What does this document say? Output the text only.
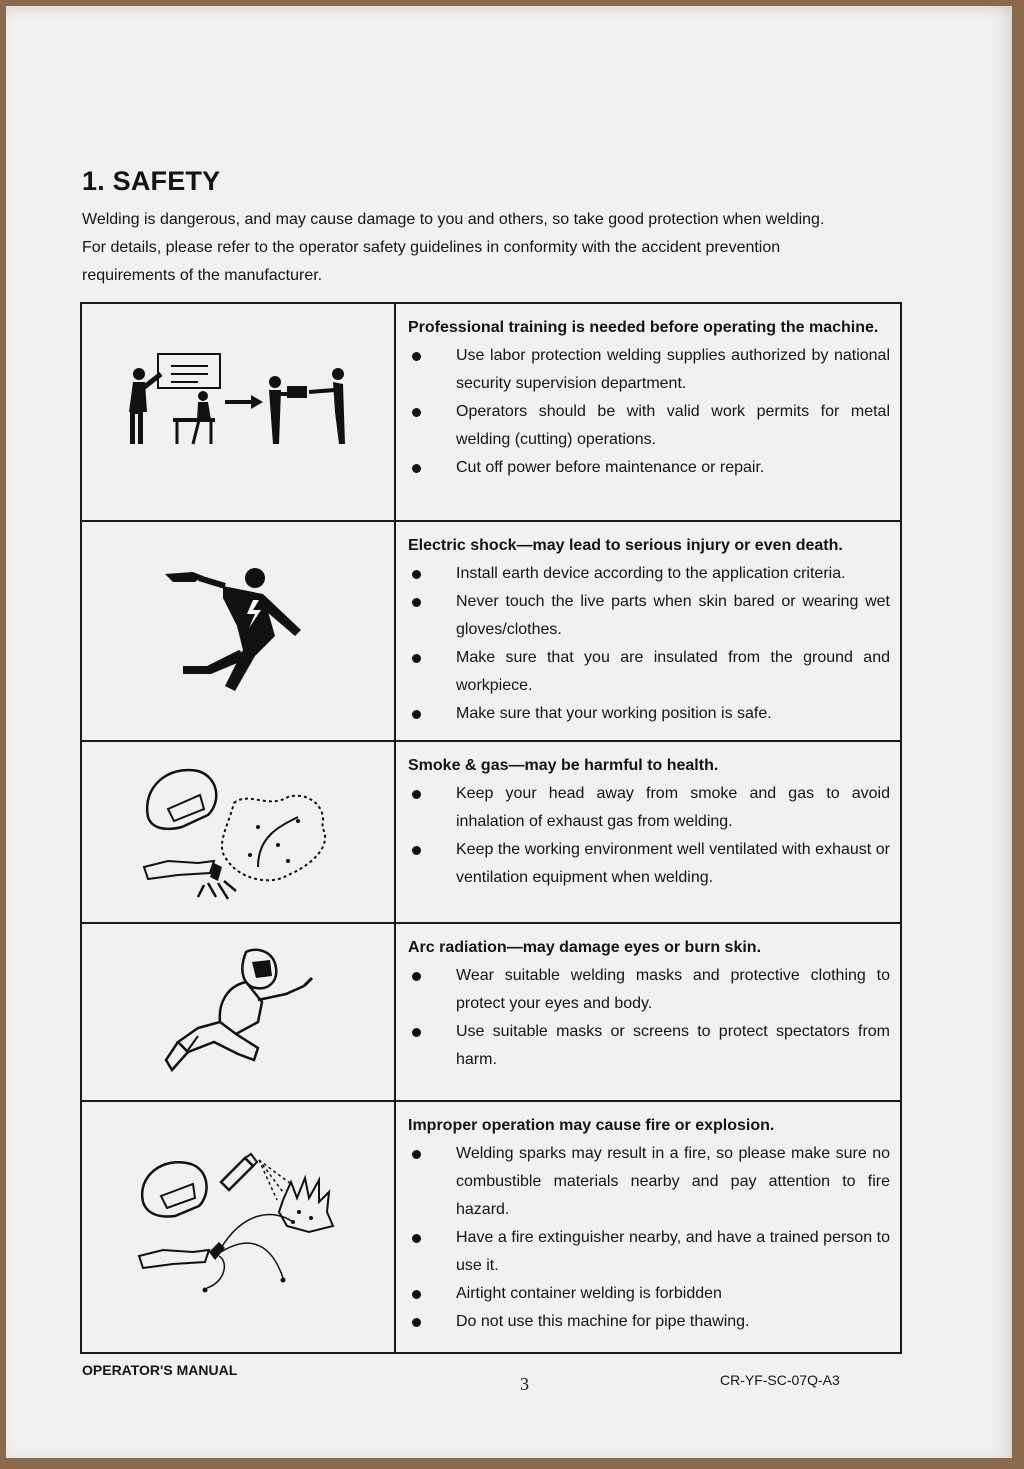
1. SAFETY

Welding is dangerous, and may cause damage to you and others, so take good protection when welding.
For details, please refer to the operator safety guidelines in conformity with the accident prevention
requirements of the manufacturer.

Professional training is needed before operating the machine.

Use labor protection welding supplies authorized by national security supervision department.
Operators should be with valid work permits for metal welding (cutting) operations.
Cut off power before maintenance or repair.

Electric shock—may lead to serious injury or even death.

Install earth device according to the application criteria.
Never touch the live parts when skin bared or wearing wet gloves/clothes.
Make sure that you are insulated from the ground and workpiece.
Make sure that your working position is safe.

Smoke & gas—may be harmful to health.

Keep your head away from smoke and gas to avoid inhalation of exhaust gas from welding.
Keep the working environment well ventilated with exhaust or ventilation equipment when welding.

Arc radiation—may damage eyes or burn skin.

Wear suitable welding masks and protective clothing to protect your eyes and body.
Use suitable masks or screens to protect spectators from harm.

Improper operation may cause fire or explosion.

Welding sparks may result in a fire, so please make sure no combustible materials nearby and pay attention to fire hazard.
Have a fire extinguisher nearby, and have a trained person to use it.
Airtight container welding is forbidden
Do not use this machine for pipe thawing.
OPERATOR'S MANUAL
3	CR-YF-SC-07Q-A3
